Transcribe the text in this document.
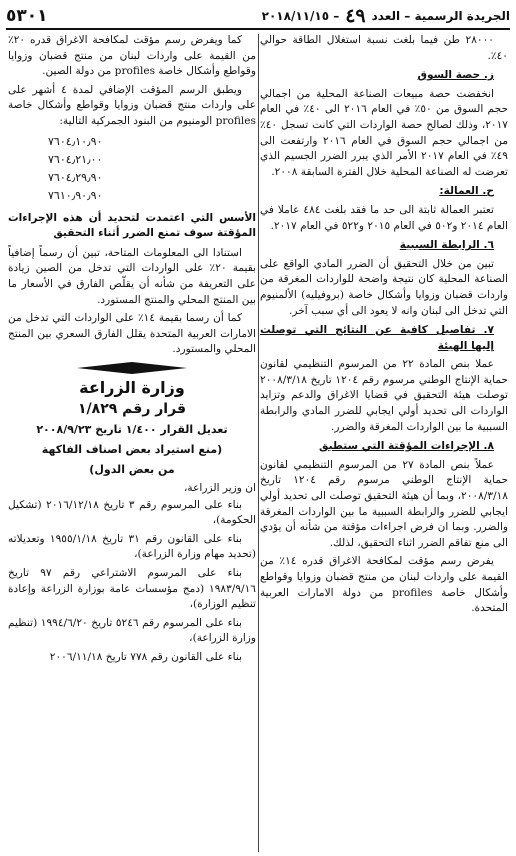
الجريدة الرسمية – العدد
٤٩
– ٢٠١٨/١١/١٥
٥٣٠١

٢٨٠٠٠ طن فيما بلغت نسبة استغلال الطاقة حوالي ٤٠٪.

ز. حصة السوق

انخفضت حصة مبيعات الصناعة المحلية من اجمالي حجم السوق من ٥٠٪ في العام ٢٠١٦ الى ٤٠٪ في العام ٢٠١٧، وذلك لصالح حصة الواردات التي كانت تسجل ٤٠٪ من اجمالي حجم السوق في العام ٢٠١٦ وارتفعت الى ٤٩٪ في العام ٢٠١٧ الأمر الذي يبرر الضرر الجسيم الذي تعرضت له الصناعة المحلية خلال الفترة السابقة ٢٠٠٨.

ح. العمالة:

تعتبر العمالة ثابتة الى حد ما فقد بلغت ٤٨٤ عاملا في العام ٢٠١٤ و٥٠٢ في العام ٢٠١٥ و٥٢٢ في العام ٢٠١٧.

٦. الرابطة السببية

تبين من خلال التحقيق أن الضرر المادي الواقع على الصناعة المحلية كان نتيجة واضحة للواردات المغرقة من واردات قضبان وزوايا وأشكال خاصة (بروفيليه) الألمنيوم التي تدخل الى لبنان وانه لا يعود الى أي سبب آخر.

٧. تفاصيل كافية عن النتائج التي توصلت إليها الهيئة

عملا بنص المادة ٢٢ من المرسوم التنظيمي لقانون حماية الإنتاج الوطني مرسوم رقم ١٢٠٤ تاريخ ٢٠٠٨/٣/١٨ توصلت هيئة التحقيق في قضايا الاغراق والدعم وتزايد الواردات الى تحديد أولي ايجابي للضرر المادي والرابطة السببية ما بين الواردات المغرقة والضرر.

٨. الإجراءات المؤقتة التي ستطبق

عملاً بنص المادة ٢٧ من المرسوم التنظيمي لقانون حماية الإنتاج الوطني مرسوم رقم ١٢٠٤ تاريخ ٢٠٠٨/٣/١٨، وبما أن هيئة التحقيق توصلت الى تحديد أولي ايجابي للضرر والرابطة السببية ما بين الواردات المغرقة والضرر. وبما ان فرض اجراءات مؤقتة من شأنه أن يؤدي الى منع تفاقم الضرر اثناء التحقيق، لذلك.

يفرض رسم مؤقت لمكافحة الاغراق قدره ١٤٪ من القيمة على واردات لبنان من منتج قضبان وزوايا وقواطع وأشكال خاصة profiles من دولة الامارات العربية المتحدة.

كما ويفرض رسم مؤقت لمكافحة الاغراق قدره ٢٠٪ من القيمة على واردات لبنان من منتج قضبان وزوايا وقواطع وأشكال خاصة profiles من دولة الصين.

ويطبق الرسم المؤقت الإضافي لمدة ٤ أشهر على على واردات منتج قضبان وزوايا وقواطع وأشكال خاصة profiles الومنيوم من البنود الجمركية التالية:

٧٦٠٤٫١٠٫٩٠
٧٦٠٤٫٢١٫٠٠
٧٦٠٤٫٢٩٫٩٠
٧٦١٠٫٩٠٫٩٠
الأسس التي اعتمدت لتحديد أن هذه الإجراءات المؤقتة سوف تمنع الضرر أثناء التحقيق

استنادا الى المعلومات المتاحة، تبين أن رسماً إضافياً بقيمة ٢٠٪ على الواردات التي تدخل من الصين زيادة على التعريفة من شأنه أن يقلّص الفارق في الأسعار ما بين المنتج المحلي والمنتج المستورد.

كما أن رسما بقيمة ١٤٪ على الواردات التي تدخل من الامارات العربية المتحدة يقلل الفارق السعري بين المنتج المحلي والمستورد.

وزارة الزراعة
قرار رقم ١/٨٢٩
تعديل القرار ١/٤٠٠ تاريخ ٢٠٠٨/٩/٢٣
(منع استيراد بعض اصناف الفاكهة
من بعض الدول)

ان وزير الزراعة،

بناء على المرسوم رقم ٣ تاريخ ٢٠١٦/١٢/١٨ (تشكيل الحكومة)،

بناء على القانون رقم ٣١ تاريخ ١٩٥٥/١/١٨ وتعديلاته (تحديد مهام وزارة الزراعة)،

بناء على المرسوم الاشتراعي رقم ٩٧ تاريخ ١٩٨٣/٩/١٦ (دمج مؤسسات عامة بوزارة الزراعة وإعادة تنظيم الوزارة)،

بناء على المرسوم رقم ٥٢٤٦ تاريخ ١٩٩٤/٦/٢٠ (تنظيم وزارة الزراعة)،

بناء على القانون رقم ٧٧٨ تاريخ ٢٠٠٦/١١/١٨
